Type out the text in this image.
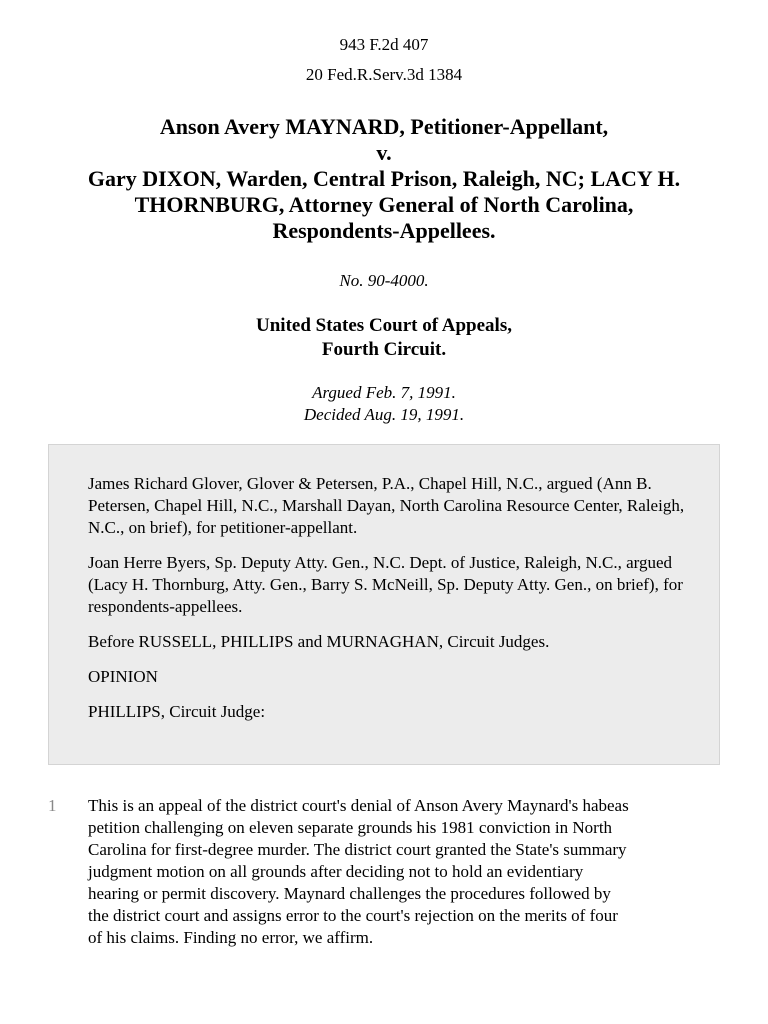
943 F.2d 407
20 Fed.R.Serv.3d 1384
Anson Avery MAYNARD, Petitioner-Appellant,
v.
Gary DIXON, Warden, Central Prison, Raleigh, NC; LACY H.
THORNBURG, Attorney General of North Carolina,
Respondents-Appellees.
No. 90-4000.
United States Court of Appeals,
Fourth Circuit.
Argued Feb. 7, 1991.
Decided Aug. 19, 1991.

James Richard Glover, Glover & Petersen, P.A., Chapel Hill, N.C., argued (Ann B. Petersen, Chapel Hill, N.C., Marshall Dayan, North Carolina Resource Center, Raleigh, N.C., on brief), for petitioner-appellant.

Joan Herre Byers, Sp. Deputy Atty. Gen., N.C. Dept. of Justice, Raleigh, N.C., argued (Lacy H. Thornburg, Atty. Gen., Barry S. McNeill, Sp. Deputy Atty. Gen., on brief), for respondents-appellees.

Before RUSSELL, PHILLIPS and MURNAGHAN, Circuit Judges.

OPINION

PHILLIPS, Circuit Judge:

1 This is an appeal of the district court's denial of Anson Avery Maynard's habeas
petition challenging on eleven separate grounds his 1981 conviction in North
Carolina for first-degree murder. The district court granted the State's summary
judgment motion on all grounds after deciding not to hold an evidentiary
hearing or permit discovery. Maynard challenges the procedures followed by
the district court and assigns error to the court's rejection on the merits of four
of his claims. Finding no error, we affirm.
